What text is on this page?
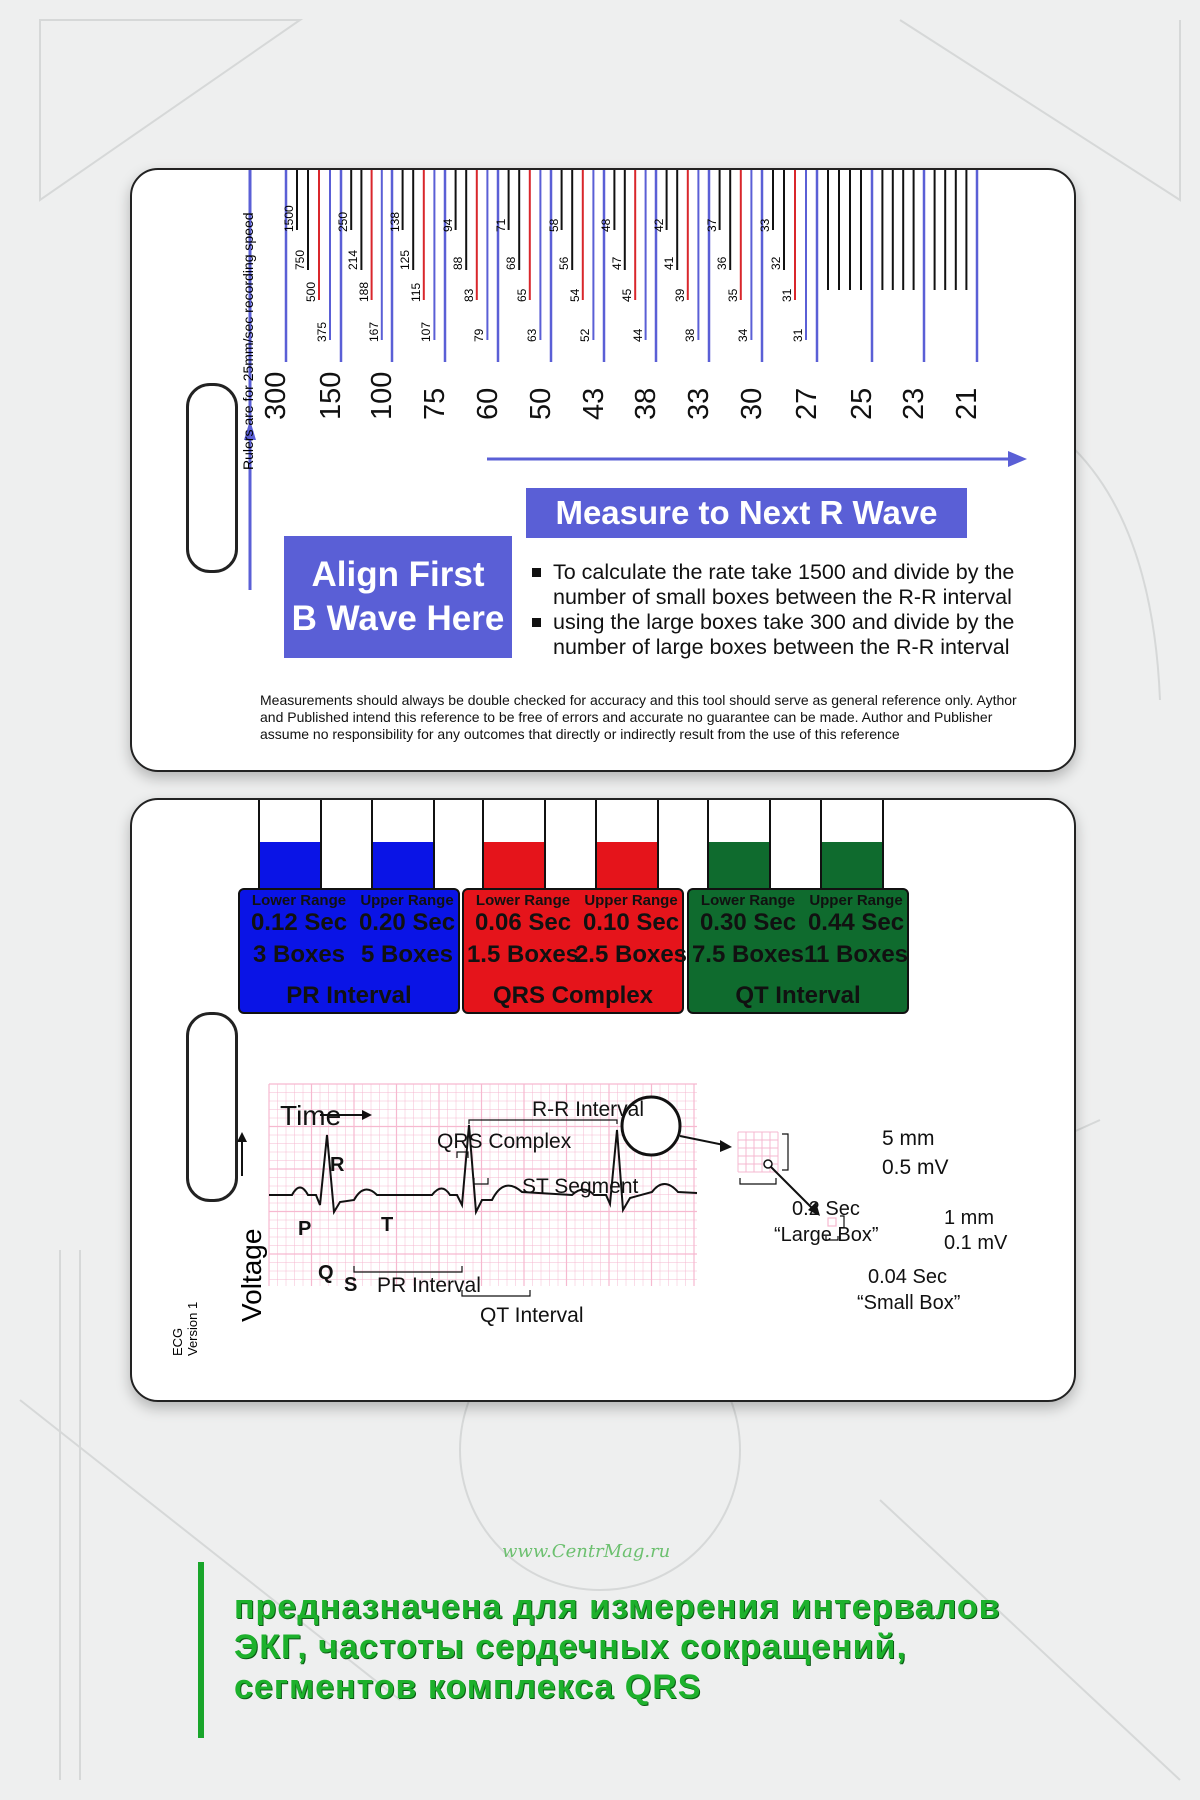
Rulers are for 25mm/sec recording speed 300 150 100 75 60 50 43 38 33 30 27 25 23 21
1500
750
500
375
250
214
188
167
138
125
115
107
94
88
83
79
71
68
65
63
58
56
54
52
48
47
45
44
42
41
39
38
37
36
35
34
33
32
31
31
Measure to Next R Wave
Align First
B Wave Here
To calculate the rate take 1500 and divide by the number of small boxes between the R-R interval
using the large boxes take 300 and divide by the number of large boxes between the R-R interval
Measurements should always be double checked for accuracy and this tool should serve as general reference only. Aythor and Published intend this reference to be free of errors and accurate no guarantee can be made. Author and Publisher assume no responsibility for any outcomes that directly or indirectly result from the use of this reference
Lower Range
0.12 Sec
3 Boxes
Upper Range
0.20 Sec
5 Boxes
PR Interval
Lower Range
0.06 Sec
1.5 Boxes
Upper Range
0.10 Sec
2.5 Boxes
QRS Complex
Lower Range
0.30 Sec
7.5 Boxes
Upper Range
0.44 Sec
11 Boxes
QT Interval
Time
Voltage
R-R Interval
QRS Complex
ST Segment
PR Interval
QT Interval
P
Q
R
S
T
5 mm
0.5 mV
0.2 Sec
“Large Box”
1 mm
0.1 mV
0.04 Sec
“Small Box”
ECG
Version 1
www.CentrMag.ru
предназначена для измерения интервалов
ЭКГ, частоты сердечных сокращений,
сегментов комплекса QRS
